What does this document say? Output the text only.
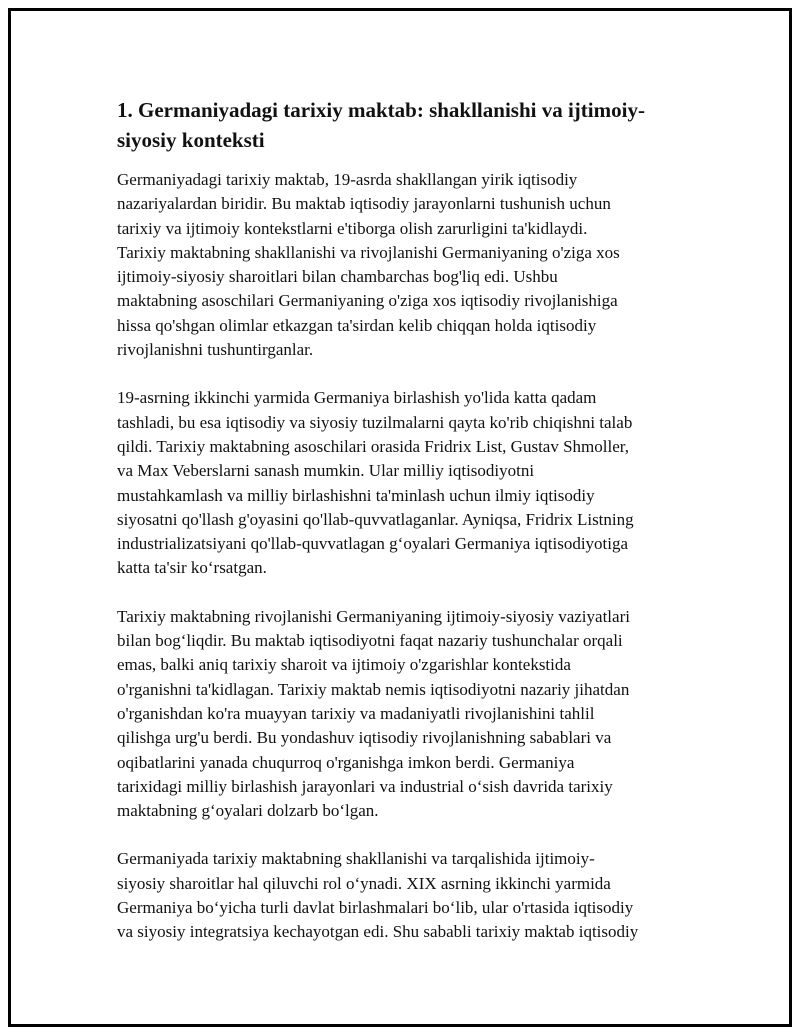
1. Germaniyadagi tarixiy maktab: shakllanishi va ijtimoiy-
siyosiy konteksti

Germaniyadagi tarixiy maktab, 19-asrda shakllangan yirik iqtisodiy
nazariyalardan biridir. Bu maktab iqtisodiy jarayonlarni tushunish uchun
tarixiy va ijtimoiy kontekstlarni e'tiborga olish zarurligini ta'kidlaydi.
Tarixiy maktabning shakllanishi va rivojlanishi Germaniyaning o'ziga xos
ijtimoiy-siyosiy sharoitlari bilan chambarchas bog'liq edi. Ushbu
maktabning asoschilari Germaniyaning o'ziga xos iqtisodiy rivojlanishiga
hissa qo'shgan olimlar etkazgan ta'sirdan kelib chiqqan holda iqtisodiy
rivojlanishni tushuntirganlar.

19-asrning ikkinchi yarmida Germaniya birlashish yo'lida katta qadam
tashladi, bu esa iqtisodiy va siyosiy tuzilmalarni qayta ko'rib chiqishni talab
qildi. Tarixiy maktabning asoschilari orasida Fridrix List, Gustav Shmoller,
va Max Veberslarni sanash mumkin. Ular milliy iqtisodiyotni
mustahkamlash va milliy birlashishni ta'minlash uchun ilmiy iqtisodiy
siyosatni qo'llash g'oyasini qo'llab-quvvatlaganlar. Ayniqsa, Fridrix Listning
industrializatsiyani qo'llab-quvvatlagan g‘oyalari Germaniya iqtisodiyotiga
katta ta'sir ko‘rsatgan.

Tarixiy maktabning rivojlanishi Germaniyaning ijtimoiy-siyosiy vaziyatlari
bilan bog‘liqdir. Bu maktab iqtisodiyotni faqat nazariy tushunchalar orqali
emas, balki aniq tarixiy sharoit va ijtimoiy o'zgarishlar kontekstida
o'rganishni ta'kidlagan. Tarixiy maktab nemis iqtisodiyotni nazariy jihatdan
o'rganishdan ko'ra muayyan tarixiy va madaniyatli rivojlanishini tahlil
qilishga urg'u berdi. Bu yondashuv iqtisodiy rivojlanishning sabablari va
oqibatlarini yanada chuqurroq o'rganishga imkon berdi. Germaniya
tarixidagi milliy birlashish jarayonlari va industrial o‘sish davrida tarixiy
maktabning g‘oyalari dolzarb bo‘lgan.

Germaniyada tarixiy maktabning shakllanishi va tarqalishida ijtimoiy-
siyosiy sharoitlar hal qiluvchi rol o‘ynadi. XIX asrning ikkinchi yarmida
Germaniya bo‘yicha turli davlat birlashmalari bo‘lib, ular o'rtasida iqtisodiy
va siyosiy integratsiya kechayotgan edi. Shu sababli tarixiy maktab iqtisodiy
